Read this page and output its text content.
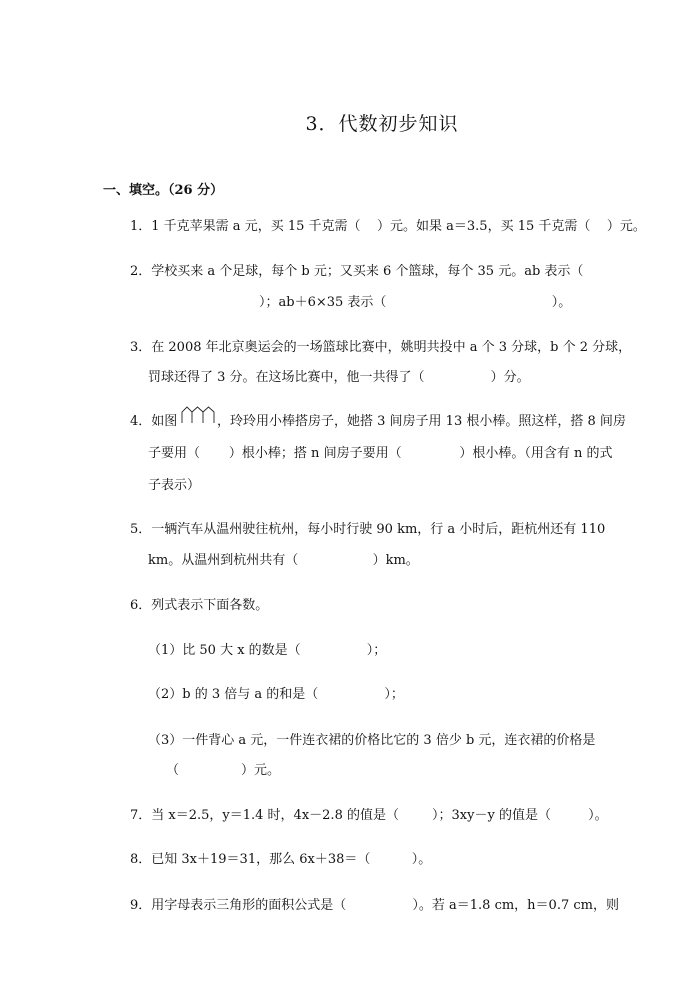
3．代数初步知识
一、填空。（26 分）
1．1 千克苹果需 a 元，买 15 千克需（    ）元。如果 a＝3.5，买 15 千克需（    ）元。
2．学校买来 a 个足球，每个 b 元；又买来 6 个篮球，每个 35 元。ab 表示（
）；ab＋6×35 表示（                                        ）。
3．在 2008 年北京奥运会的一场篮球比赛中，姚明共投中 a 个 3 分球，b 个 2 分球，
罚球还得了 3 分。在这场比赛中，他一共得了（                ）分。
4．如图	，玲玲用小棒搭房子，她搭 3 间房子用 13 根小棒。照这样，搭 8 间房
子要用（       ）根小棒；搭 n 间房子要用（              ）根小棒。（用含有 n 的式
子表示）
5．一辆汽车从温州驶往杭州，每小时行驶 90 km，行 a 小时后，距杭州还有 110
km。从温州到杭州共有（                  ）km。
6．列式表示下面各数。
（1）比 50 大 x 的数是（                ）；
（2）b 的 3 倍与 a 的和是（                ）；
（3）一件背心 a 元，一件连衣裙的价格比它的 3 倍少 b 元，连衣裙的价格是
（               ）元。
7．当 x＝2.5，y＝1.4 时，4x－2.8 的值是（        ）；3xy－y 的值是（         ）。
8．已知 3x＋19＝31，那么 6x＋38＝（          ）。
9．用字母表示三角形的面积公式是（                ）。若 a＝1.8 cm，h＝0.7 cm，则
